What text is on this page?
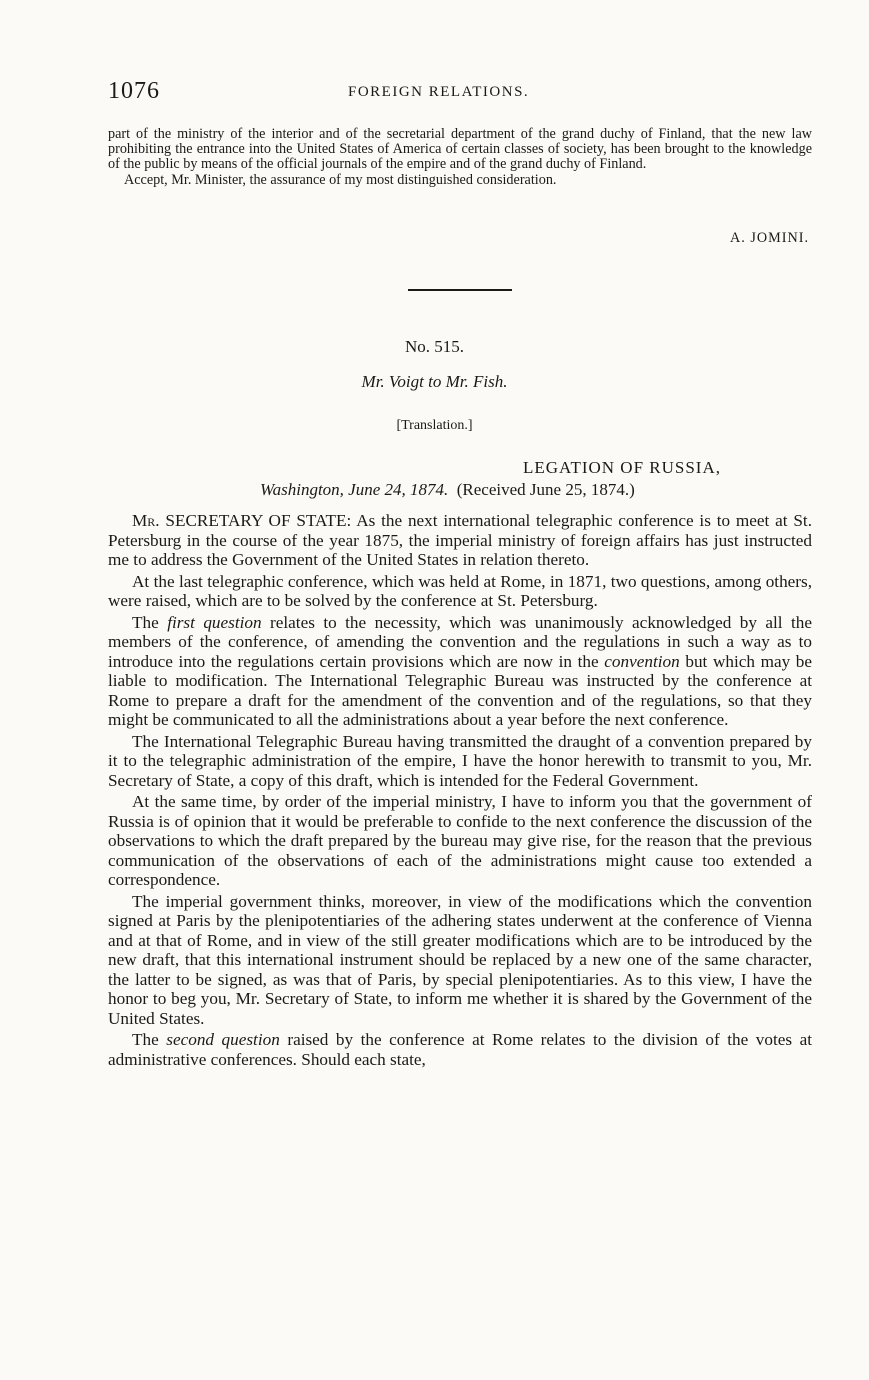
1076	FOREIGN RELATIONS.

part of the ministry of the interior and of the secretarial department of the grand duchy of Finland, that the new law prohibiting the entrance into the United States of America of certain classes of society, has been brought to the knowledge of the public by means of the official journals of the empire and of the grand duchy of Finland.

Accept, Mr. Minister, the assurance of my most distinguished consideration.

A. JOMINI.
No. 515.
Mr. Voigt to Mr. Fish.
[Translation.]
LEGATION OF RUSSIA,
Washington, June 24, 1874. (Received June 25, 1874.)

Mr. SECRETARY OF STATE: As the next international telegraphic conference is to meet at St. Petersburg in the course of the year 1875, the imperial ministry of foreign affairs has just instructed me to address the Government of the United States in relation thereto.

At the last telegraphic conference, which was held at Rome, in 1871, two questions, among others, were raised, which are to be solved by the conference at St. Petersburg.

The first question relates to the necessity, which was unanimously acknowledged by all the members of the conference, of amending the convention and the regulations in such a way as to introduce into the regulations certain provisions which are now in the convention but which may be liable to modification. The International Telegraphic Bureau was instructed by the conference at Rome to prepare a draft for the amendment of the convention and of the regulations, so that they might be communicated to all the administrations about a year before the next conference.

The International Telegraphic Bureau having transmitted the draught of a convention prepared by it to the telegraphic administration of the empire, I have the honor herewith to transmit to you, Mr. Secretary of State, a copy of this draft, which is intended for the Federal Government.

At the same time, by order of the imperial ministry, I have to inform you that the government of Russia is of opinion that it would be preferable to confide to the next conference the discussion of the observations to which the draft prepared by the bureau may give rise, for the reason that the previous communication of the observations of each of the administrations might cause too extended a correspondence.

The imperial government thinks, moreover, in view of the modifications which the convention signed at Paris by the plenipotentiaries of the adhering states underwent at the conference of Vienna and at that of Rome, and in view of the still greater modifications which are to be introduced by the new draft, that this international instrument should be replaced by a new one of the same character, the latter to be signed, as was that of Paris, by special plenipotentiaries. As to this view, I have the honor to beg you, Mr. Secretary of State, to inform me whether it is shared by the Government of the United States.

The second question raised by the conference at Rome relates to the division of the votes at administrative conferences. Should each state,
